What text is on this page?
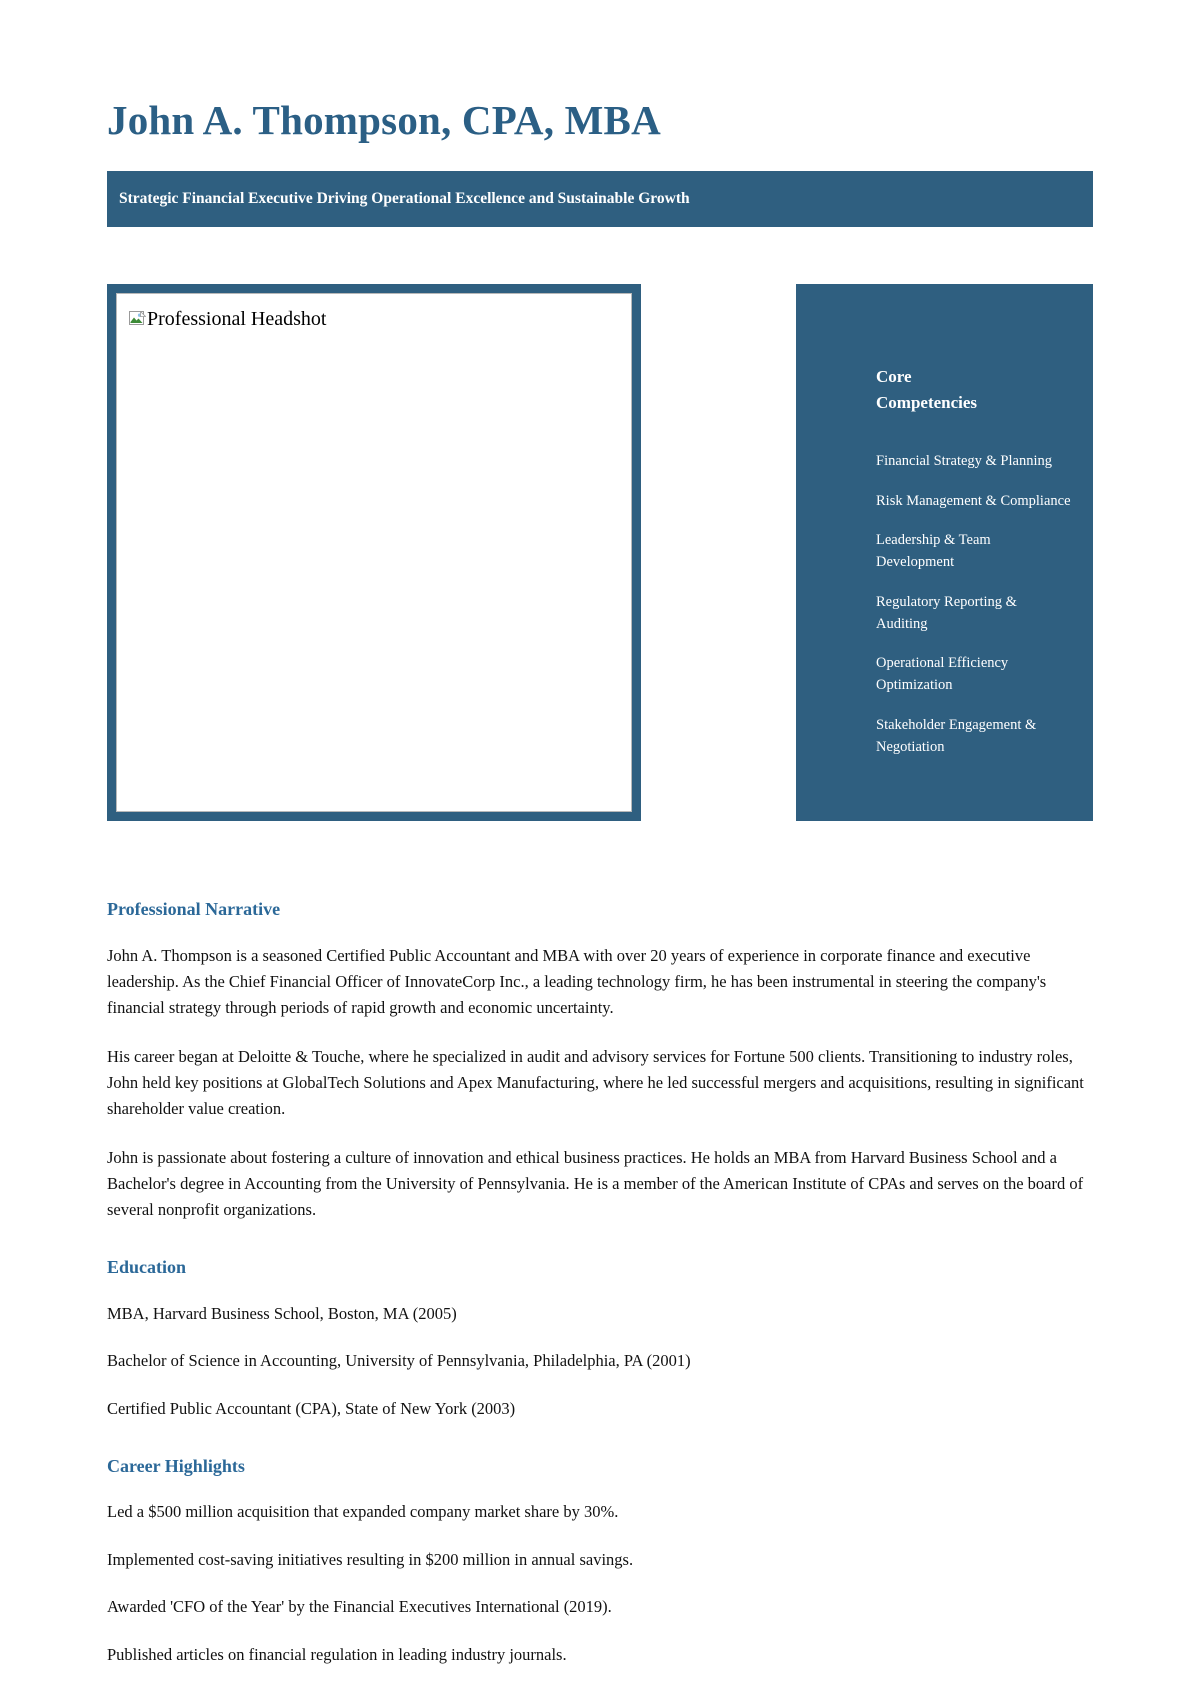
John A. Thompson, CPA, MBA
Strategic Financial Executive Driving Operational Excellence and Sustainable Growth
Professional Headshot
Core Competencies
Financial Strategy & Planning
Risk Management & Compliance
Leadership & Team Development
Regulatory Reporting & Auditing
Operational Efficiency Optimization
Stakeholder Engagement & Negotiation
Professional Narrative

John A. Thompson is a seasoned Certified Public Accountant and MBA with over 20 years of experience in corporate finance and executive leadership. As the Chief Financial Officer of InnovateCorp Inc., a leading technology firm, he has been instrumental in steering the company's financial strategy through periods of rapid growth and economic uncertainty.

His career began at Deloitte & Touche, where he specialized in audit and advisory services for Fortune 500 clients. Transitioning to industry roles, John held key positions at GlobalTech Solutions and Apex Manufacturing, where he led successful mergers and acquisitions, resulting in significant shareholder value creation.

John is passionate about fostering a culture of innovation and ethical business practices. He holds an MBA from Harvard Business School and a Bachelor's degree in Accounting from the University of Pennsylvania. He is a member of the American Institute of CPAs and serves on the board of several nonprofit organizations.

Education
MBA, Harvard Business School, Boston, MA (2005)
Bachelor of Science in Accounting, University of Pennsylvania, Philadelphia, PA (2001)
Certified Public Accountant (CPA), State of New York (2003)
Career Highlights
Led a $500 million acquisition that expanded company market share by 30%.
Implemented cost-saving initiatives resulting in $200 million in annual savings.
Awarded 'CFO of the Year' by the Financial Executives International (2019).
Published articles on financial regulation in leading industry journals.
